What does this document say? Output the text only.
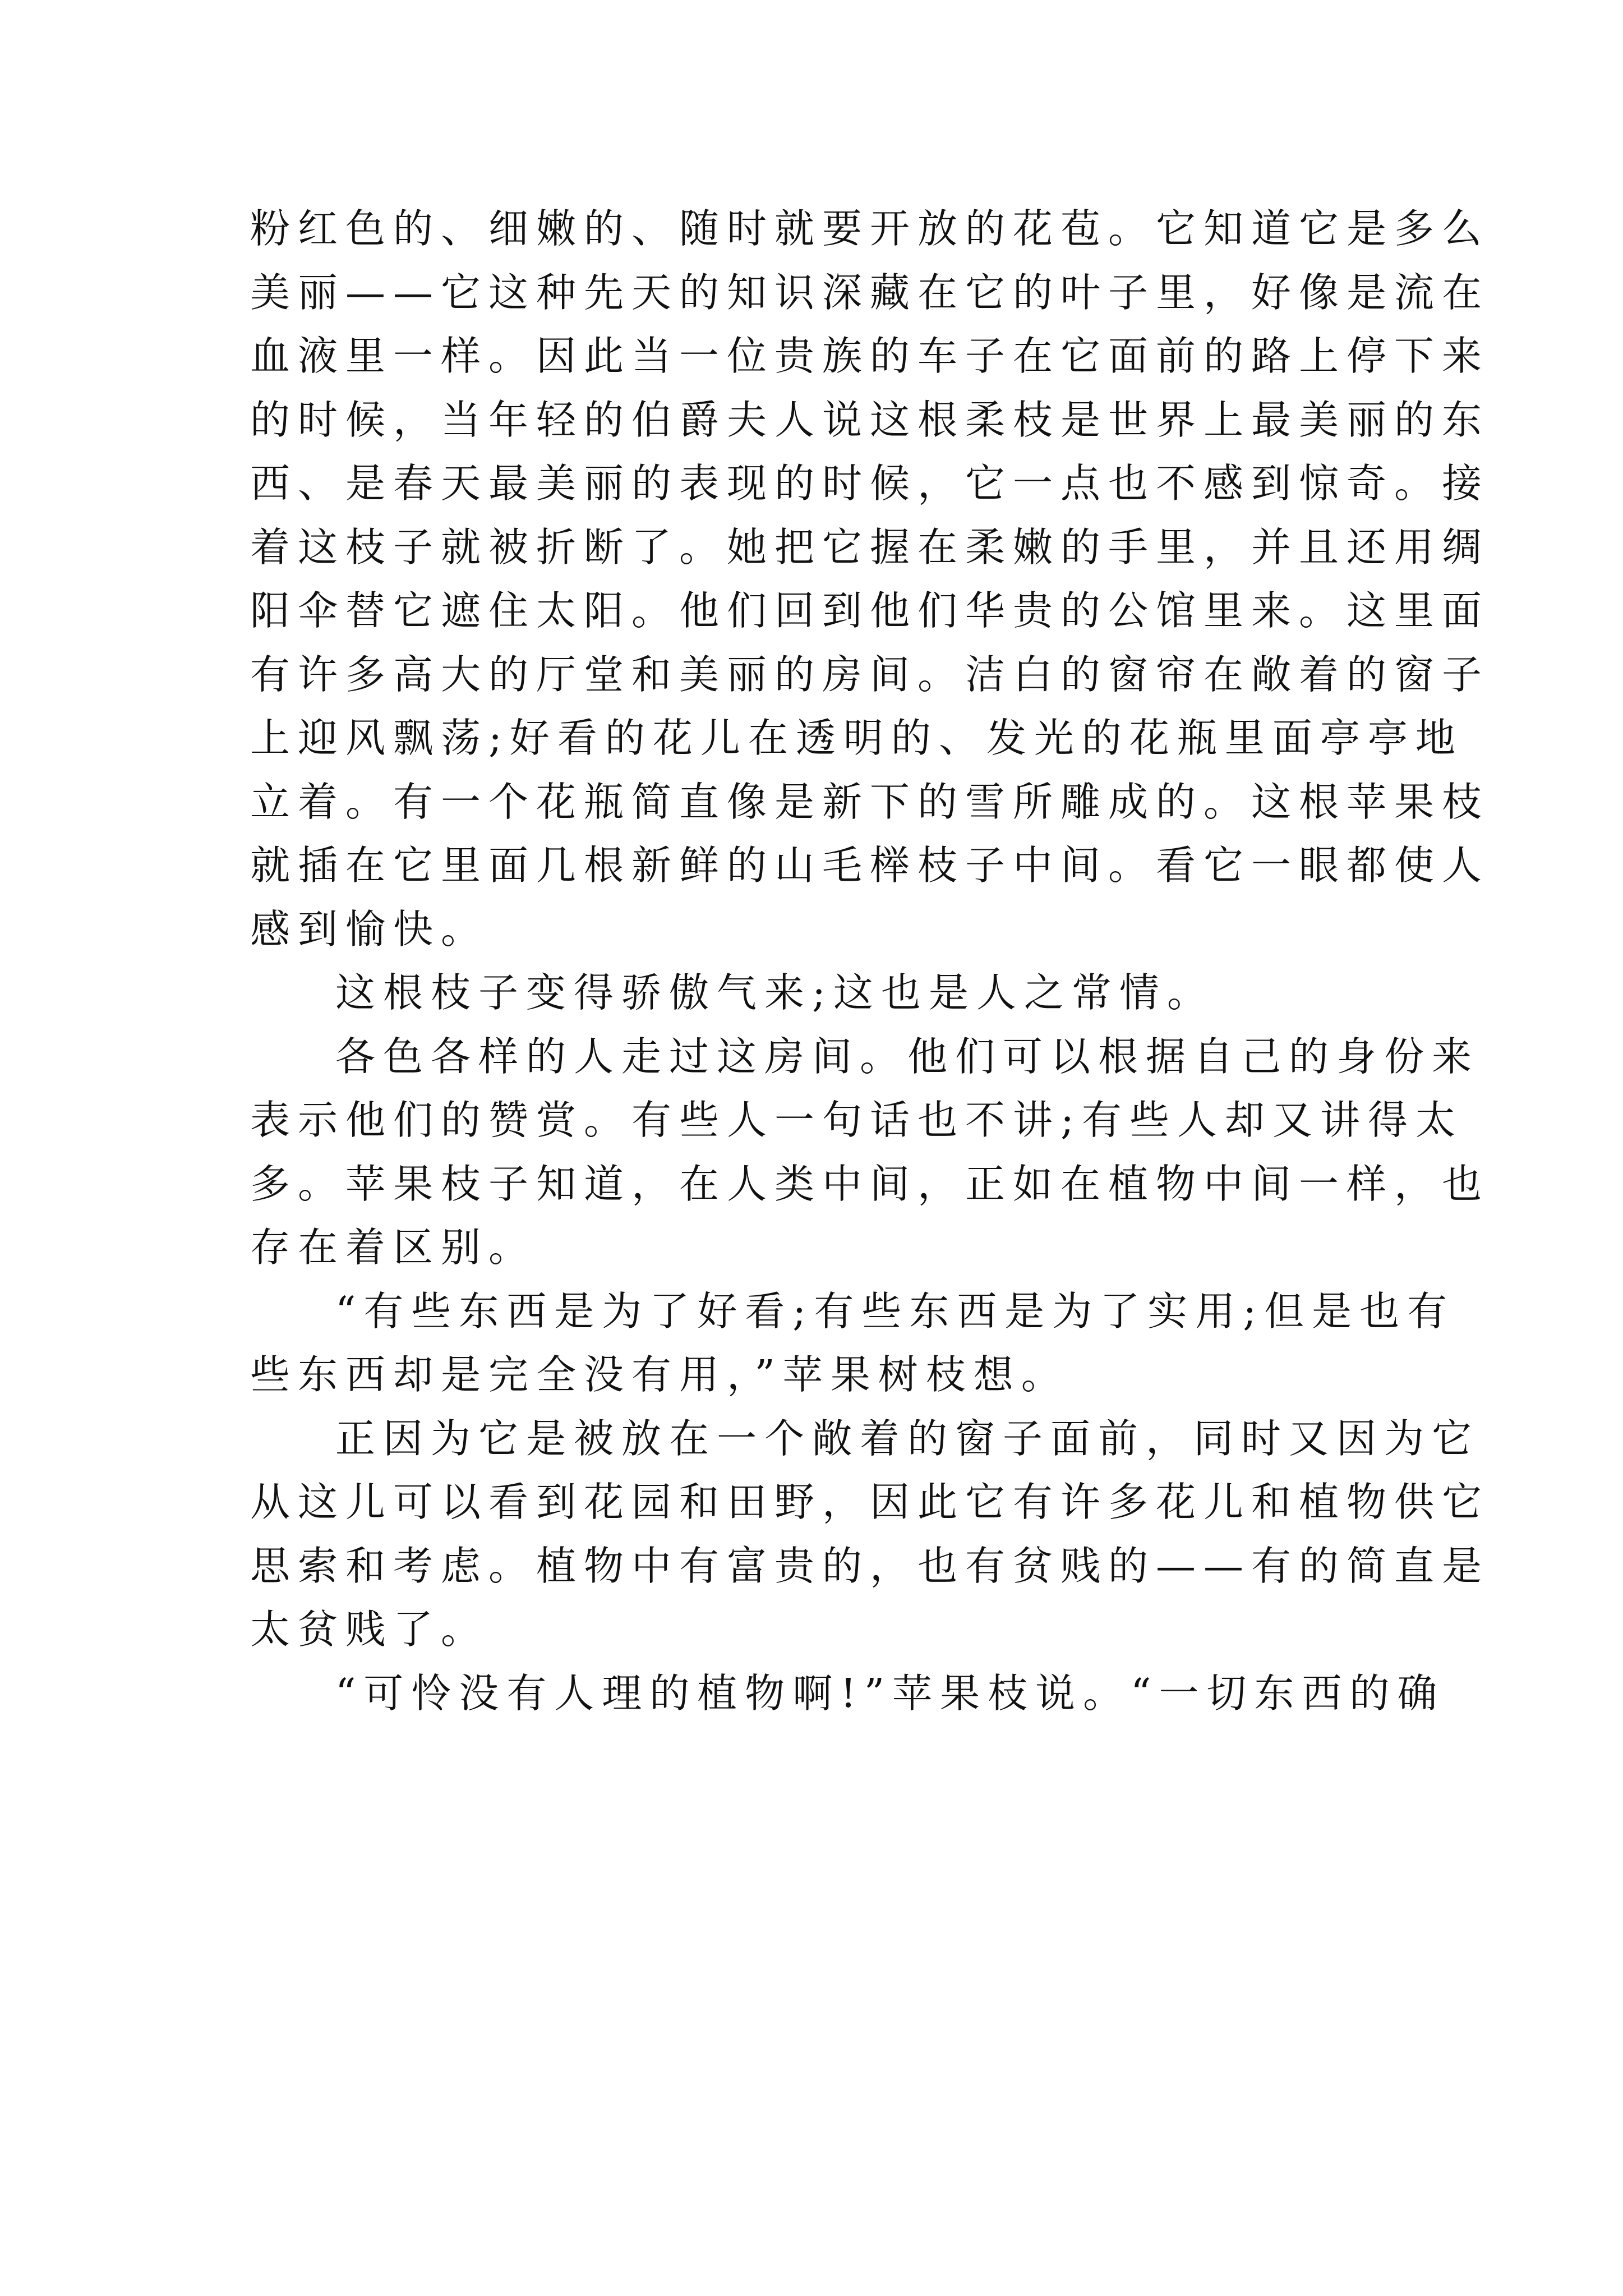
粉红色的、细嫩的、随时就要开放的花苞。它知道它是多么
美丽——它这种先天的知识深藏在它的叶子里，好像是流在
血液里一样。因此当一位贵族的车子在它面前的路上停下来
的时候，当年轻的伯爵夫人说这根柔枝是世界上最美丽的东
西、是春天最美丽的表现的时候，它一点也不感到惊奇。接
着这枝子就被折断了。她把它握在柔嫩的手里，并且还用绸
阳伞替它遮住太阳。他们回到他们华贵的公馆里来。这里面
有许多高大的厅堂和美丽的房间。洁白的窗帘在敞着的窗子
上迎风飘荡;好看的花儿在透明的、发光的花瓶里面亭亭地
立着。有一个花瓶简直像是新下的雪所雕成的。这根苹果枝
就插在它里面几根新鲜的山毛榉枝子中间。看它一眼都使人
感到愉快。
这根枝子变得骄傲气来;这也是人之常情。
各色各样的人走过这房间。他们可以根据自己的身份来
表示他们的赞赏。有些人一句话也不讲;有些人却又讲得太
多。苹果枝子知道，在人类中间，正如在植物中间一样，也
存在着区别。
“有些东西是为了好看;有些东西是为了实用;但是也有
些东西却是完全没有用，”苹果树枝想。
正因为它是被放在一个敞着的窗子面前，同时又因为它
从这儿可以看到花园和田野，因此它有许多花儿和植物供它
思索和考虑。植物中有富贵的，也有贫贱的——有的简直是
太贫贱了。
“可怜没有人理的植物啊!”苹果枝说。“一切东西的确
